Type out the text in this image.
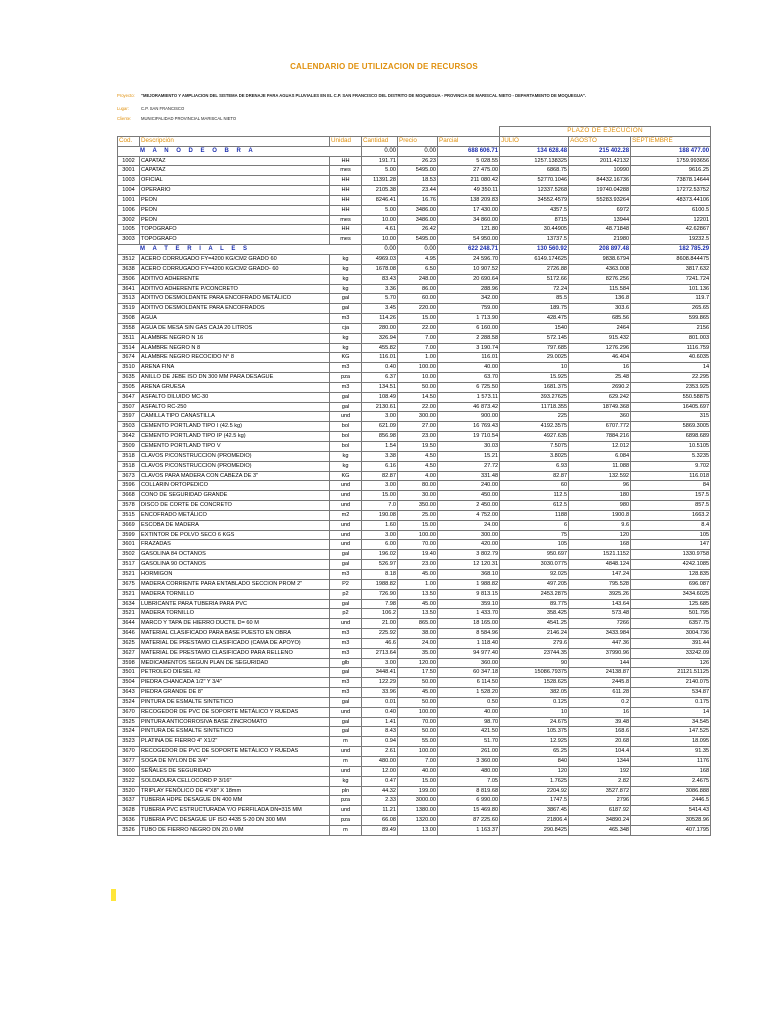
CALENDARIO DE UTILIZACION DE RECURSOS
Proyecto: "MEJORAMIENTO Y AMPLIACION DEL SISTEMA DE DRENAJE PARA AGUAS PLUVIALES EN EL C.P. SAN FRANCISCO DEL DISTRITO DE MOQUEGUA - PROVINCIA DE MARISCAL NIETO - DEPARTAMENTO DE MOQUEGUA".
Lugar:	C.P. SAN FRANCISCO
Cliente: MUNICIPALIDAD PROVINCIAL MARISCAL NIETO
						PLAZO DE EJECUCION		
Cod.	Descripción	Unidad	Cantidad	Precio	Parcial	JULIO	AGOSTO	SEPTIEMBRE
M A N O D E O B R A			0.00	0.00	688 606.71	134 628.48	215 402.28	188 477.00
1002	CAPATAZ	HH	191.71	26.23	5 028.55	1257.138325	2011.42132	1759.993656
3001	CAPATAZ	mes	5.00	5495.00	27 475.00	6868.75	10990	9616.25
1003	OFICIAL	HH	11391.28	18.53	211 080.42	52770.1046	84432.16736	73878.14644
1004	OPERARIO	HH	2105.38	23.44	49 350.11	12337.5268	19740.04288	17272.53752
1001	PEON	HH	8246.41	16.76	138 209.83	34552.4579	55283.93264	48373.44106
1006	PEON	HH	5.00	3486.00	17 430.00	4357.5	6972	6100.5
3002	PEON	mes	10.00	3486.00	34 860.00	8715	13944	12201
1005	TOPOGRAFO	HH	4.61	26.42	121.80	30.44905	48.71848	42.62867
3003	TOPOGRAFO	mes	10.00	5495.00	54 950.00	13737.5	21980	19232.5
M A T E R I A L E S			0.00	0.00	622 248.71	130 560.92	208 897.48	182 785.29
3512	ACERO CORRUGADO FY=4200 KG/CM2 GRADO 60	kg	4969.03	4.95	24 596.70	6149.174625	9838.6794	8608.844475
3638	ACERO CORRUGADO FY=4200 KG/CM2 GRADO- 60	kg	1678.08	6.50	10 907.52	2726.88	4363.008	3817.632
3506	ADITIVO ADHERENTE	kg	83.43	248.00	20 690.64	5172.66	8276.256	7241.724
3641	ADITIVO ADHERENTE P/CONCRETO	kg	3.36	86.00	288.96	72.24	115.584	101.136
3513	ADITIVO DESMOLDANTE PARA ENCOFRADO METÁLICO	gal	5.70	60.00	342.00	85.5	136.8	119.7
3519	ADITIVO DESMOLDANTE PARA ENCOFRADOS	gal	3.45	220.00	759.00	189.75	303.6	265.65
3508	AGUA	m3	114.26	15.00	1 713.90	428.475	685.56	599.865
3558	AGUA DE MESA SIN GAS CAJA 20 LITROS	cja	280.00	22.00	6 160.00	1540	2464	2156
3511	ALAMBRE NEGRO N 16	kg	326.94	7.00	2 288.58	572.145	915.432	801.003
3514	ALAMBRE NEGRO N 8	kg	455.82	7.00	3 190.74	797.685	1276.296	1116.759
3674	ALAMBRE NEGRO RECOCIDO N° 8	KG	116.01	1.00	116.01	29.0025	46.404	40.6035
3510	ARENA FINA	m3	0.40	100.00	40.00	10	16	14
3635	ANILLO DE JEBE ISO DN 300 MM PARA DESAGUE	pza	6.37	10.00	63.70	15.925	25.48	22.295
3505	ARENA GRUESA	m3	134.51	50.00	6 725.50	1681.375	2690.2	2353.925
3647	ASFALTO DILUIDO MC-30	gal	108.49	14.50	1 573.11	393.27625	629.242	550.58875
3507	ASFALTO RC-250	gal	2130.61	22.00	46 873.42	11718.355	18749.368	16405.697
3597	CAMILLA TIPO CANASTILLA	und	3.00	300.00	900.00	225	360	315
3503	CEMENTO PORTLAND TIPO I (42.5 kg)	bol	621.09	27.00	16 769.43	4192.3575	6707.772	5869.3005
3642	CEMENTO PORTLAND TIPO IP (42.5 kg)	bol	856.98	23.00	19 710.54	4927.635	7884.216	6898.689
3509	CEMENTO PORTLAND TIPO V	bol	1.54	19.50	30.03	7.5075	12.012	10.5105
3518	CLAVOS P/CONSTRUCCION (PROMEDIO)	kg	3.38	4.50	15.21	3.8025	6.084	5.3235
3518	CLAVOS P/CONSTRUCCION (PROMEDIO)	kg	6.16	4.50	27.72	6.93	11.088	9.702
3673	CLAVOS PARA MADERA CON CABEZA DE 3"	KG	82.87	4.00	331.48	82.87	132.592	116.018
3596	COLLARIN ORTOPEDICO	und	3.00	80.00	240.00	60	96	84
3668	CONO DE SEGURIDAD GRANDE	und	15.00	30.00	450.00	112.5	180	157.5
3578	DISCO DE CORTE DE CONCRETO	und	7.0	350.00	2 450.00	612.5	980	857.5
3515	ENCOFRADO METÁLICO	m2	190.08	25.00	4 752.00	1188	1900.8	1663.2
3669	ESCOBA DE MADERA	und	1.60	15.00	24.00	6	9.6	8.4
3599	EXTINTOR DE POLVO SECO 6 KGS	und	3.00	100.00	300.00	75	120	105
3601	FRAZADAS	und	6.00	70.00	420.00	105	168	147
3502	GASOLINA 84 OCTANOS	gal	196.02	19.40	3 802.79	950.697	1521.1152	1330.9758
3517	GASOLINA 90 OCTANOS	gal	526.97	23.00	12 120.31	3030.0775	4848.124	4242.1085
3521	HORMIGON	m3	8.18	45.00	368.10	92.025	147.24	128.835
3675	MADERA CORRIENTE PARA ENTABLADO SECCION PROM 2"	P2	1988.82	1.00	1 988.82	497.205	795.528	696.087
3521	MADERA TORNILLO	p2	726.90	13.50	9 813.15	2453.2875	3925.26	3434.6025
3634	LUBRICANTE PARA TUBERIA PARA PVC	gal	7.98	45.00	359.10	89.775	143.64	125.685
3521	MADERA TORNILLO	p2	106.2	13.50	1 433.70	358.425	573.48	501.795
3644	MARCO Y TAPA DE HIERRO DUCTIL D= 60 M	und	21.00	865.00	18 165.00	4541.25	7266	6357.75
3646	MATERIAL CLASIFICADO PARA BASE PUESTO EN OBRA	m3	225.92	38.00	8 584.96	2146.24	3433.984	3004.736
3625	MATERIAL DE PRESTAMO CLASIFICADO (CAMA DE APOYO)	m3	46.6	24.00	1 118.40	279.6	447.36	391.44
3627	MATERIAL DE PRESTAMO CLASIFICADO PARA RELLENO	m3	2713.64	35.00	94 977.40	23744.35	37990.96	33242.09
3598	MEDICAMENTOS SEGUN PLAN DE SEGURIDAD	glb	3.00	120.00	360.00	90	144	126
3501	PETROLEO DIESEL #2	gal	3448.41	17.50	60 347.18	15086.79375	24138.87	21121.51125
3504	PIEDRA CHANCADA 1/2" Y 3/4"	m3	122.29	50.00	6 114.50	1528.625	2445.8	2140.075
3643	PIEDRA GRANDE DE 8"	m3	33.96	45.00	1 528.20	382.05	611.28	534.87
3524	PINTURA DE ESMALTE SINTETICO	gal	0.01	50.00	0.50	0.125	0.2	0.175
3670	RECOGEDOR DE PVC DE SOPORTE METÁLICO Y RUEDAS	und	0.40	100.00	40.00	10	16	14
3525	PINTURA ANTICORROSIVA BASE ZINCROMATO	gal	1.41	70.00	98.70	24.675	39.48	34.545
3524	PINTURA DE ESMALTE SINTETICO	gal	8.43	50.00	421.50	105.375	168.6	147.525
3523	PLATINA DE FIERRO 4" X1/2"	m	0.94	55.00	51.70	12.925	20.68	18.095
3670	RECOGEDOR DE PVC DE SOPORTE METÁLICO Y RUEDAS	und	2.61	100.00	261.00	65.25	104.4	91.35
3677	SOGA DE NYLON DE 3/4"	m	480.00	7.00	3 360.00	840	1344	1176
3600	SEÑALES DE SEGURIDAD	und	12.00	40.00	480.00	120	192	168
3522	SOLDADURA CELLOCORD P 3/16"	kg	0.47	15.00	7.05	1.7625	2.82	2.4675
3520	TRIPLAY FENÓLICO DE 4"X8" X 18mm	pln	44.32	199.00	8 819.68	2204.92	3527.872	3086.888
3637	TUBERIA HDPE DESAGUE DN 400 MM	pza	2.33	3000.00	6 990.00	1747.5	2796	2446.5
3628	TUBERIA PVC ESTRUCTURADA Y/O PERFILADA DN=315 MM	und	11.21	1380.00	15 469.80	3867.45	6187.92	5414.43
3636	TUBERIA PVC DESAGUE UF ISO 4435 S-20 DN 300 MM	pza	66.08	1320.00	87 225.60	21806.4	34890.24	30528.96
3526	TUBO DE FIERRO NEGRO DN 20.0 MM	m	89.49	13.00	1 163.37	290.8425	465.348	407.1795
